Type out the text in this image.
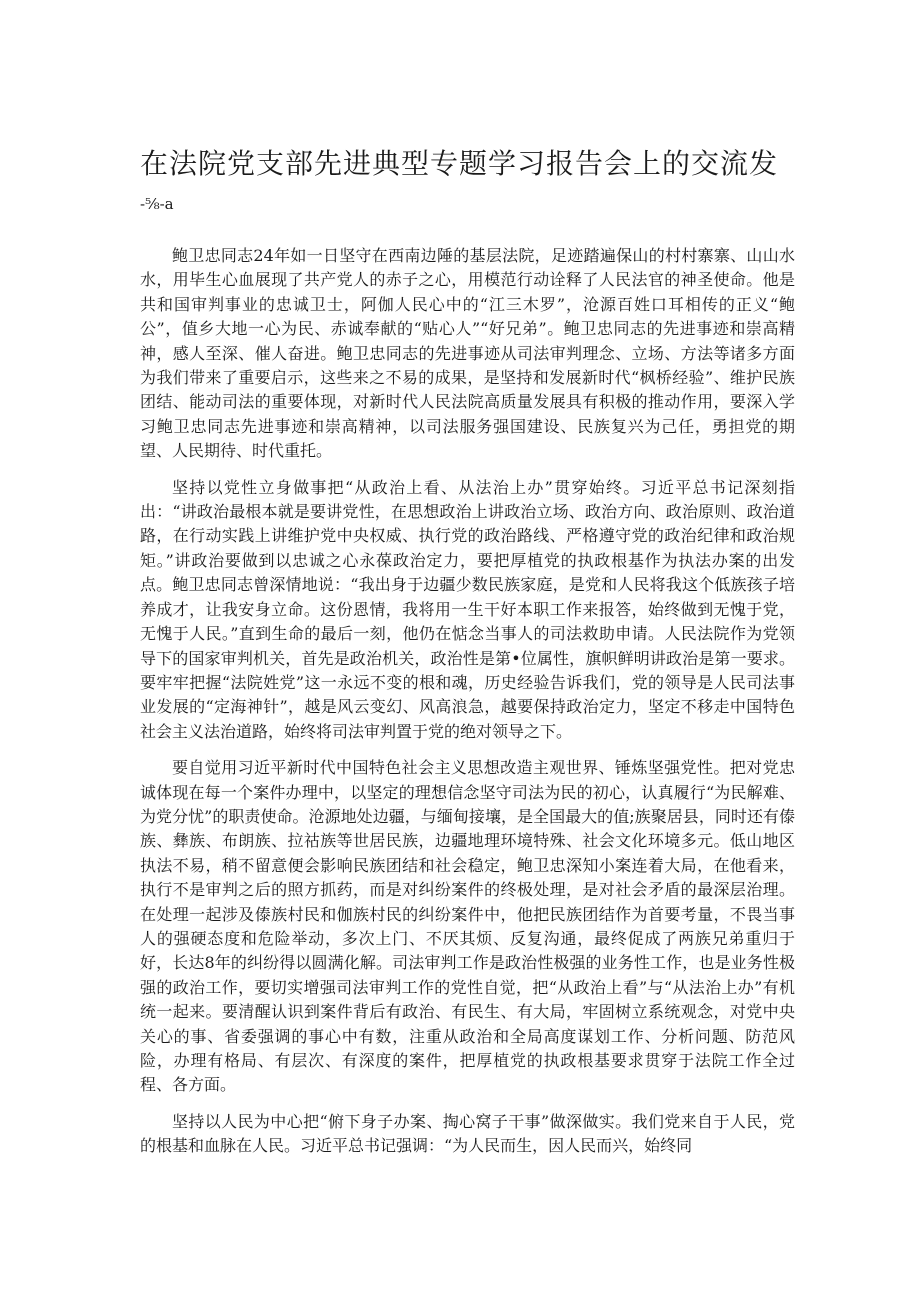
在法院党支部先进典型专题学习报告会上的交流发

-⅝-a

鲍卫忠同志24年如一日坚守在西南边陲的基层法院，足迹踏遍保山的村村寨寨、山山水水，用毕生心血展现了共产党人的赤子之心，用模范行动诠释了人民法官的神圣使命。他是共和国审判事业的忠诚卫士，阿伽人民心中的“江三木罗”，沧源百姓口耳相传的正义“鲍公”，值乡大地一心为民、赤诚奉献的“贴心人”“好兄弟”。鲍卫忠同志的先进事迹和崇高精神，感人至深、催人奋进。鲍卫忠同志的先进事迹从司法审判理念、立场、方法等诸多方面为我们带来了重要启示，这些来之不易的成果，是坚持和发展新时代“枫桥经验”、维护民族团结、能动司法的重要体现，对新时代人民法院高质量发展具有积极的推动作用，要深入学习鲍卫忠同志先进事迹和崇高精神，以司法服务强国建设、民族复兴为己任，勇担党的期望、人民期待、时代重托。

坚持以党性立身做事把“从政治上看、从法治上办”贯穿始终。习近平总书记深刻指出：“讲政治最根本就是要讲党性，在思想政治上讲政治立场、政治方向、政治原则、政治道路，在行动实践上讲维护党中央权威、执行党的政治路线、严格遵守党的政治纪律和政治规矩。”讲政治要做到以忠诚之心永葆政治定力，要把厚植党的执政根基作为执法办案的出发点。鲍卫忠同志曾深情地说：“我出身于边疆少数民族家庭，是党和人民将我这个低族孩子培养成才，让我安身立命。这份恩情，我将用一生干好本职工作来报答，始终做到无愧于党，无愧于人民。”直到生命的最后一刻，他仍在惦念当事人的司法救助申请。人民法院作为党领导下的国家审判机关，首先是政治机关，政治性是第•位属性，旗帜鲜明讲政治是第一要求。要牢牢把握“法院姓党”这一永远不变的根和魂，历史经验告诉我们，党的领导是人民司法事业发展的“定海神针”，越是风云变幻、风高浪急，越要保持政治定力，坚定不移走中国特色社会主义法治道路，始终将司法审判置于党的绝对领导之下。

要自觉用习近平新时代中国特色社会主义思想改造主观世界、锤炼坚强党性。把对党忠诚体现在每一个案件办理中，以坚定的理想信念坚守司法为民的初心，认真履行“为民解难、为党分忧”的职责使命。沧源地处边疆，与缅甸接壤，是全国最大的值;族聚居县，同时还有傣族、彝族、布朗族、拉祜族等世居民族，边疆地理环境特殊、社会文化环境多元。低山地区执法不易，稍不留意便会影响民族团结和社会稳定，鲍卫忠深知小案连着大局，在他看来，执行不是审判之后的照方抓药，而是对纠纷案件的终极处理，是对社会矛盾的最深层治理。在处理一起涉及傣族村民和伽族村民的纠纷案件中，他把民族团结作为首要考量，不畏当事人的强硬态度和危险举动，多次上门、不厌其烦、反复沟通，最终促成了两族兄弟重归于好，长达8年的纠纷得以圆满化解。司法审判工作是政治性极强的业务性工作，也是业务性极强的政治工作，要切实增强司法审判工作的党性自觉，把“从政治上看”与“从法治上办”有机统一起来。要清醒认识到案件背后有政治、有民生、有大局，牢固树立系统观念，对党中央关心的事、省委强调的事心中有数，注重从政治和全局高度谋划工作、分析问题、防范风险，办理有格局、有层次、有深度的案件，把厚植党的执政根基要求贯穿于法院工作全过程、各方面。

坚持以人民为中心把“俯下身子办案、掏心窝子干事”做深做实。我们党来自于人民，党的根基和血脉在人民。习近平总书记强调：“为人民而生，因人民而兴，始终同
